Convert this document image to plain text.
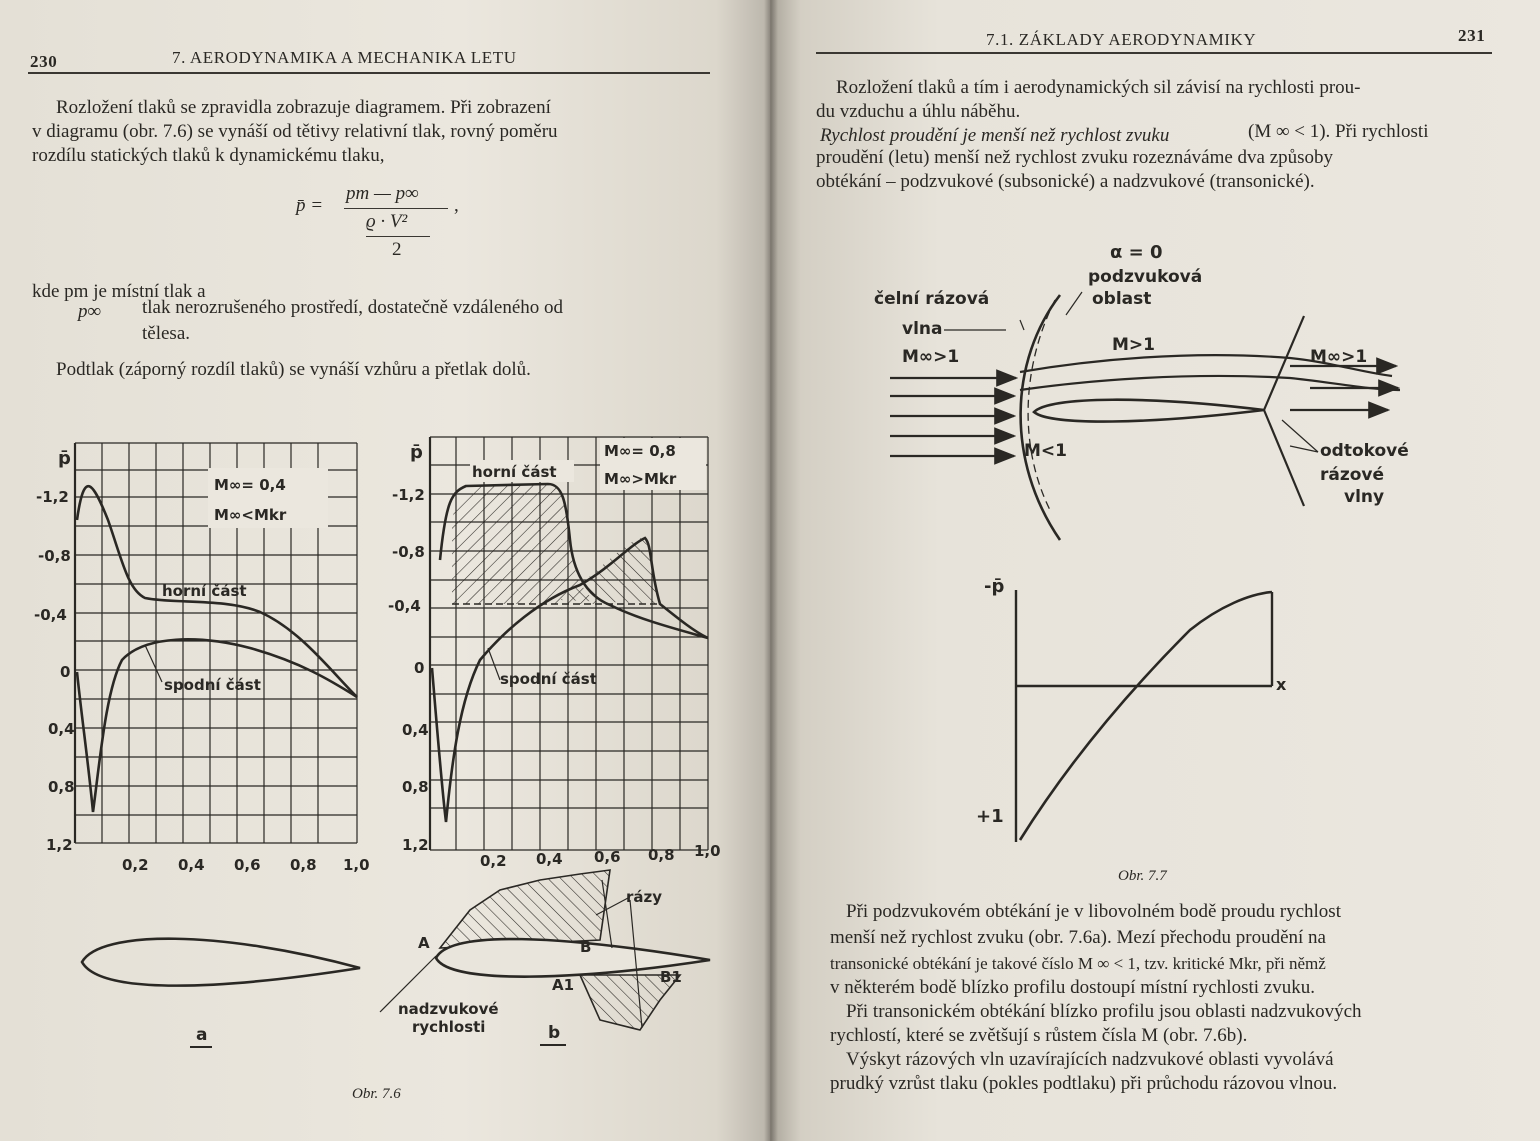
230	7. AERODYNAMIKA A MECHANIKA LETU
Rozložení tlaků se zpravidla zobrazuje diagramem. Při zobrazení
v diagramu (obr. 7.6) se vynáší od tětivy relativní tlak, rovný poměru
rozdílu statických tlaků k dynamickému tlaku,
p̄ =
pm — p∞
ϱ · V²
2
,
kde pm je místní tlak a
p∞ tlak nerozrušeného prostředí, dostatečně vzdáleného od
tělesa.
Podtlak (záporný rozdíl tlaků) se vynáší vzhůru a přetlak dolů.
p̄
-1,2
-0,8
-0,4
0
0,4
0,8
1,2
0,2 0,4 0,6 0,8 1,0
M∞= 0,4
M∞<Mkr
horní část
spodní část
a
p̄
-1,2
-0,8
-0,4
0
0,4
0,8
1,2
0,2 0,4 0,6 0,8 1,0
M∞= 0,8
M∞>Mkr
horní část
spodní část
rázy
A	B
A1	B1
nadzvukové
rychlosti	b
Obr. 7.6
7.1. ZÁKLADY AERODYNAMIKY	231
Rozložení tlaků a tím i aerodynamických sil závisí na rychlosti prou-
du vzduchu a úhlu náběhu.
Rychlost proudění je menší než rychlost zvuku	(M ∞ < 1). Při rychlosti
proudění (letu) menší než rychlost zvuku rozeznáváme dva způsoby
obtékání – podzvukové (subsonické) a nadzvukové (transonické).
α = 0
podzvuková
oblast
čelní rázová
vlna
M∞>1
M>1
M∞>1
M<1	odtokové
rázové
vlny
-p̄
+1
x
Obr. 7.7
Při podzvukovém obtékání je v libovolném bodě proudu rychlost
menší než rychlost zvuku (obr. 7.6a). Mezí přechodu proudění na
transonické obtékání je takové číslo M ∞ < 1, tzv. kritické Mkr, při němž
v některém bodě blízko profilu dostoupí místní rychlosti zvuku.
Při transonickém obtékání blízko profilu jsou oblasti nadzvukových
rychlostí, které se zvětšují s růstem čísla M (obr. 7.6b).
Výskyt rázových vln uzavírajících nadzvukové oblasti vyvolává
prudký vzrůst tlaku (pokles podtlaku) při průchodu rázovou vlnou.
